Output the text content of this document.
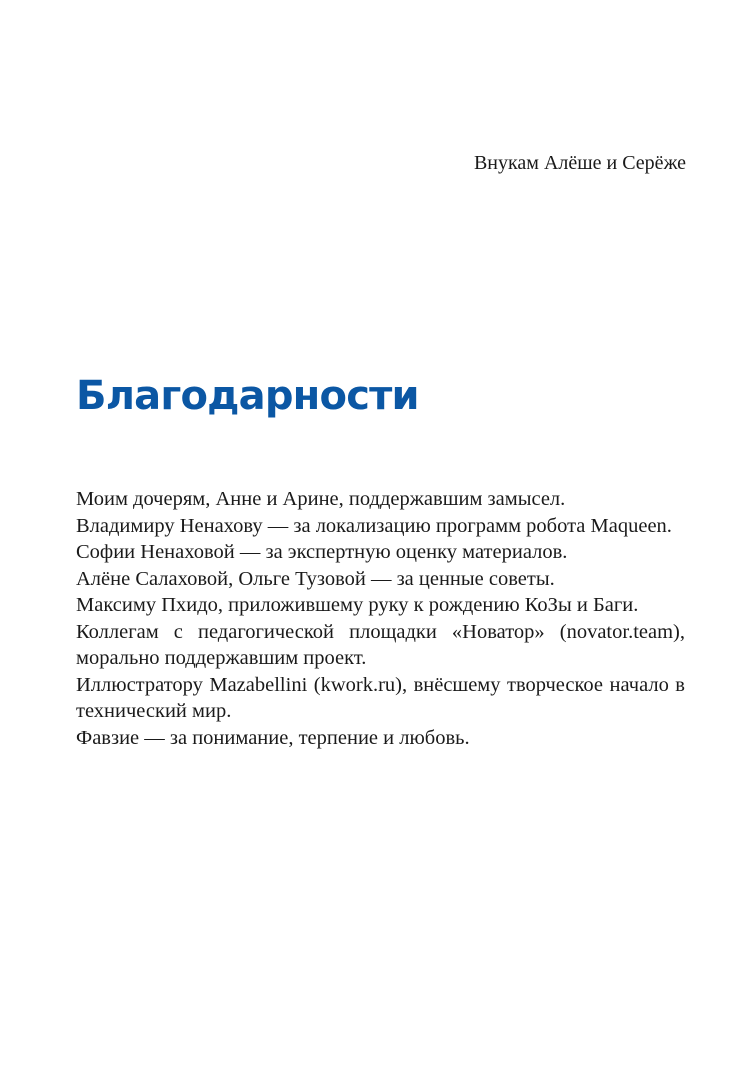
Внукам Алёше и Серёже
Благодарности
Моим дочерям, Анне и Арине, поддержавшим замысел.
Владимиру Ненахову — за локализацию программ робота Maqueen.
Софии Ненаховой — за экспертную оценку материалов.
Алёне Салаховой, Ольге Тузовой — за ценные советы.
Максиму Пхидо, приложившему руку к рождению КоЗы и Баги.
Коллегам с педагогической площадки «Новатор» (novator.team), морально поддержавшим проект.
Иллюстратору Mazabellini (kwork.ru), внёсшему творческое начало в технический мир.
Фавзие — за понимание, терпение и любовь.
